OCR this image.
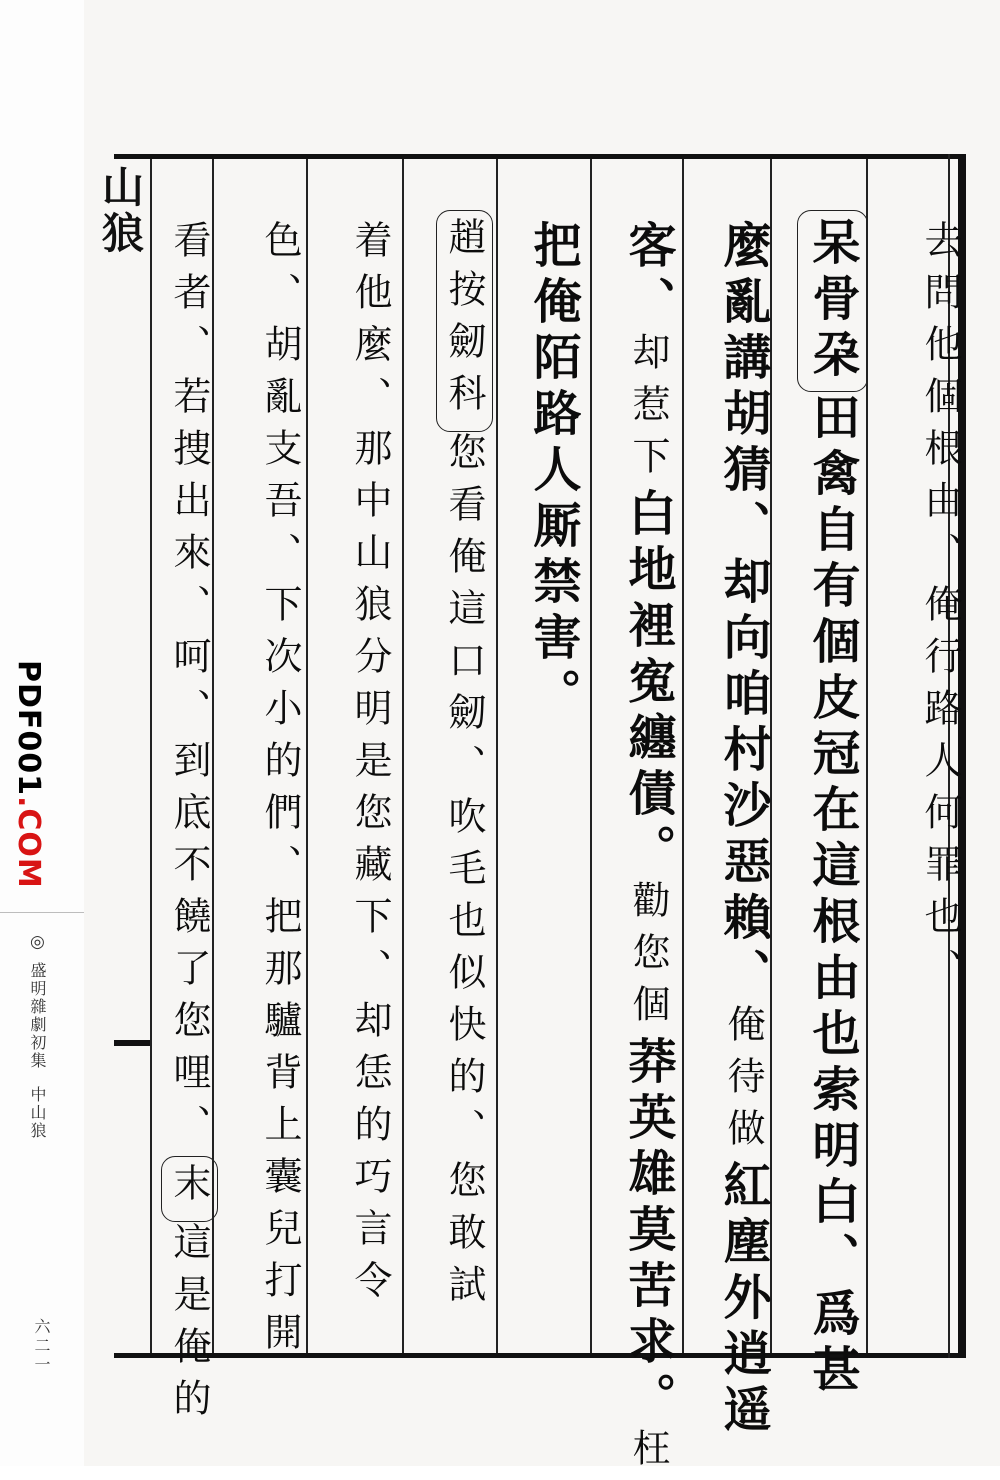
PDF001.COM
◎
盛明雜劇初集中山狼
六二一
山狼
去問他個根由、俺行路人何罪也、
呆骨朶田禽自有個皮冠在這根由也索明白、爲甚
麼亂講胡猜、却向咱村沙惡賴、俺待做紅塵外逍遥
客、却惹下白地裡寃纏債。勸您個莽英雄莫苦求。枉
把俺陌路人厮禁害。
趙按劒科您看俺這口劒、吹毛也似快的、您敢試
着他麼、那中山狼分明是您藏下、却恁的巧言令
色、胡亂支吾、下次小的們、把那驢背上囊兒打開
看者、若捜出來、呵、到底不饒了您哩、末這是俺的
